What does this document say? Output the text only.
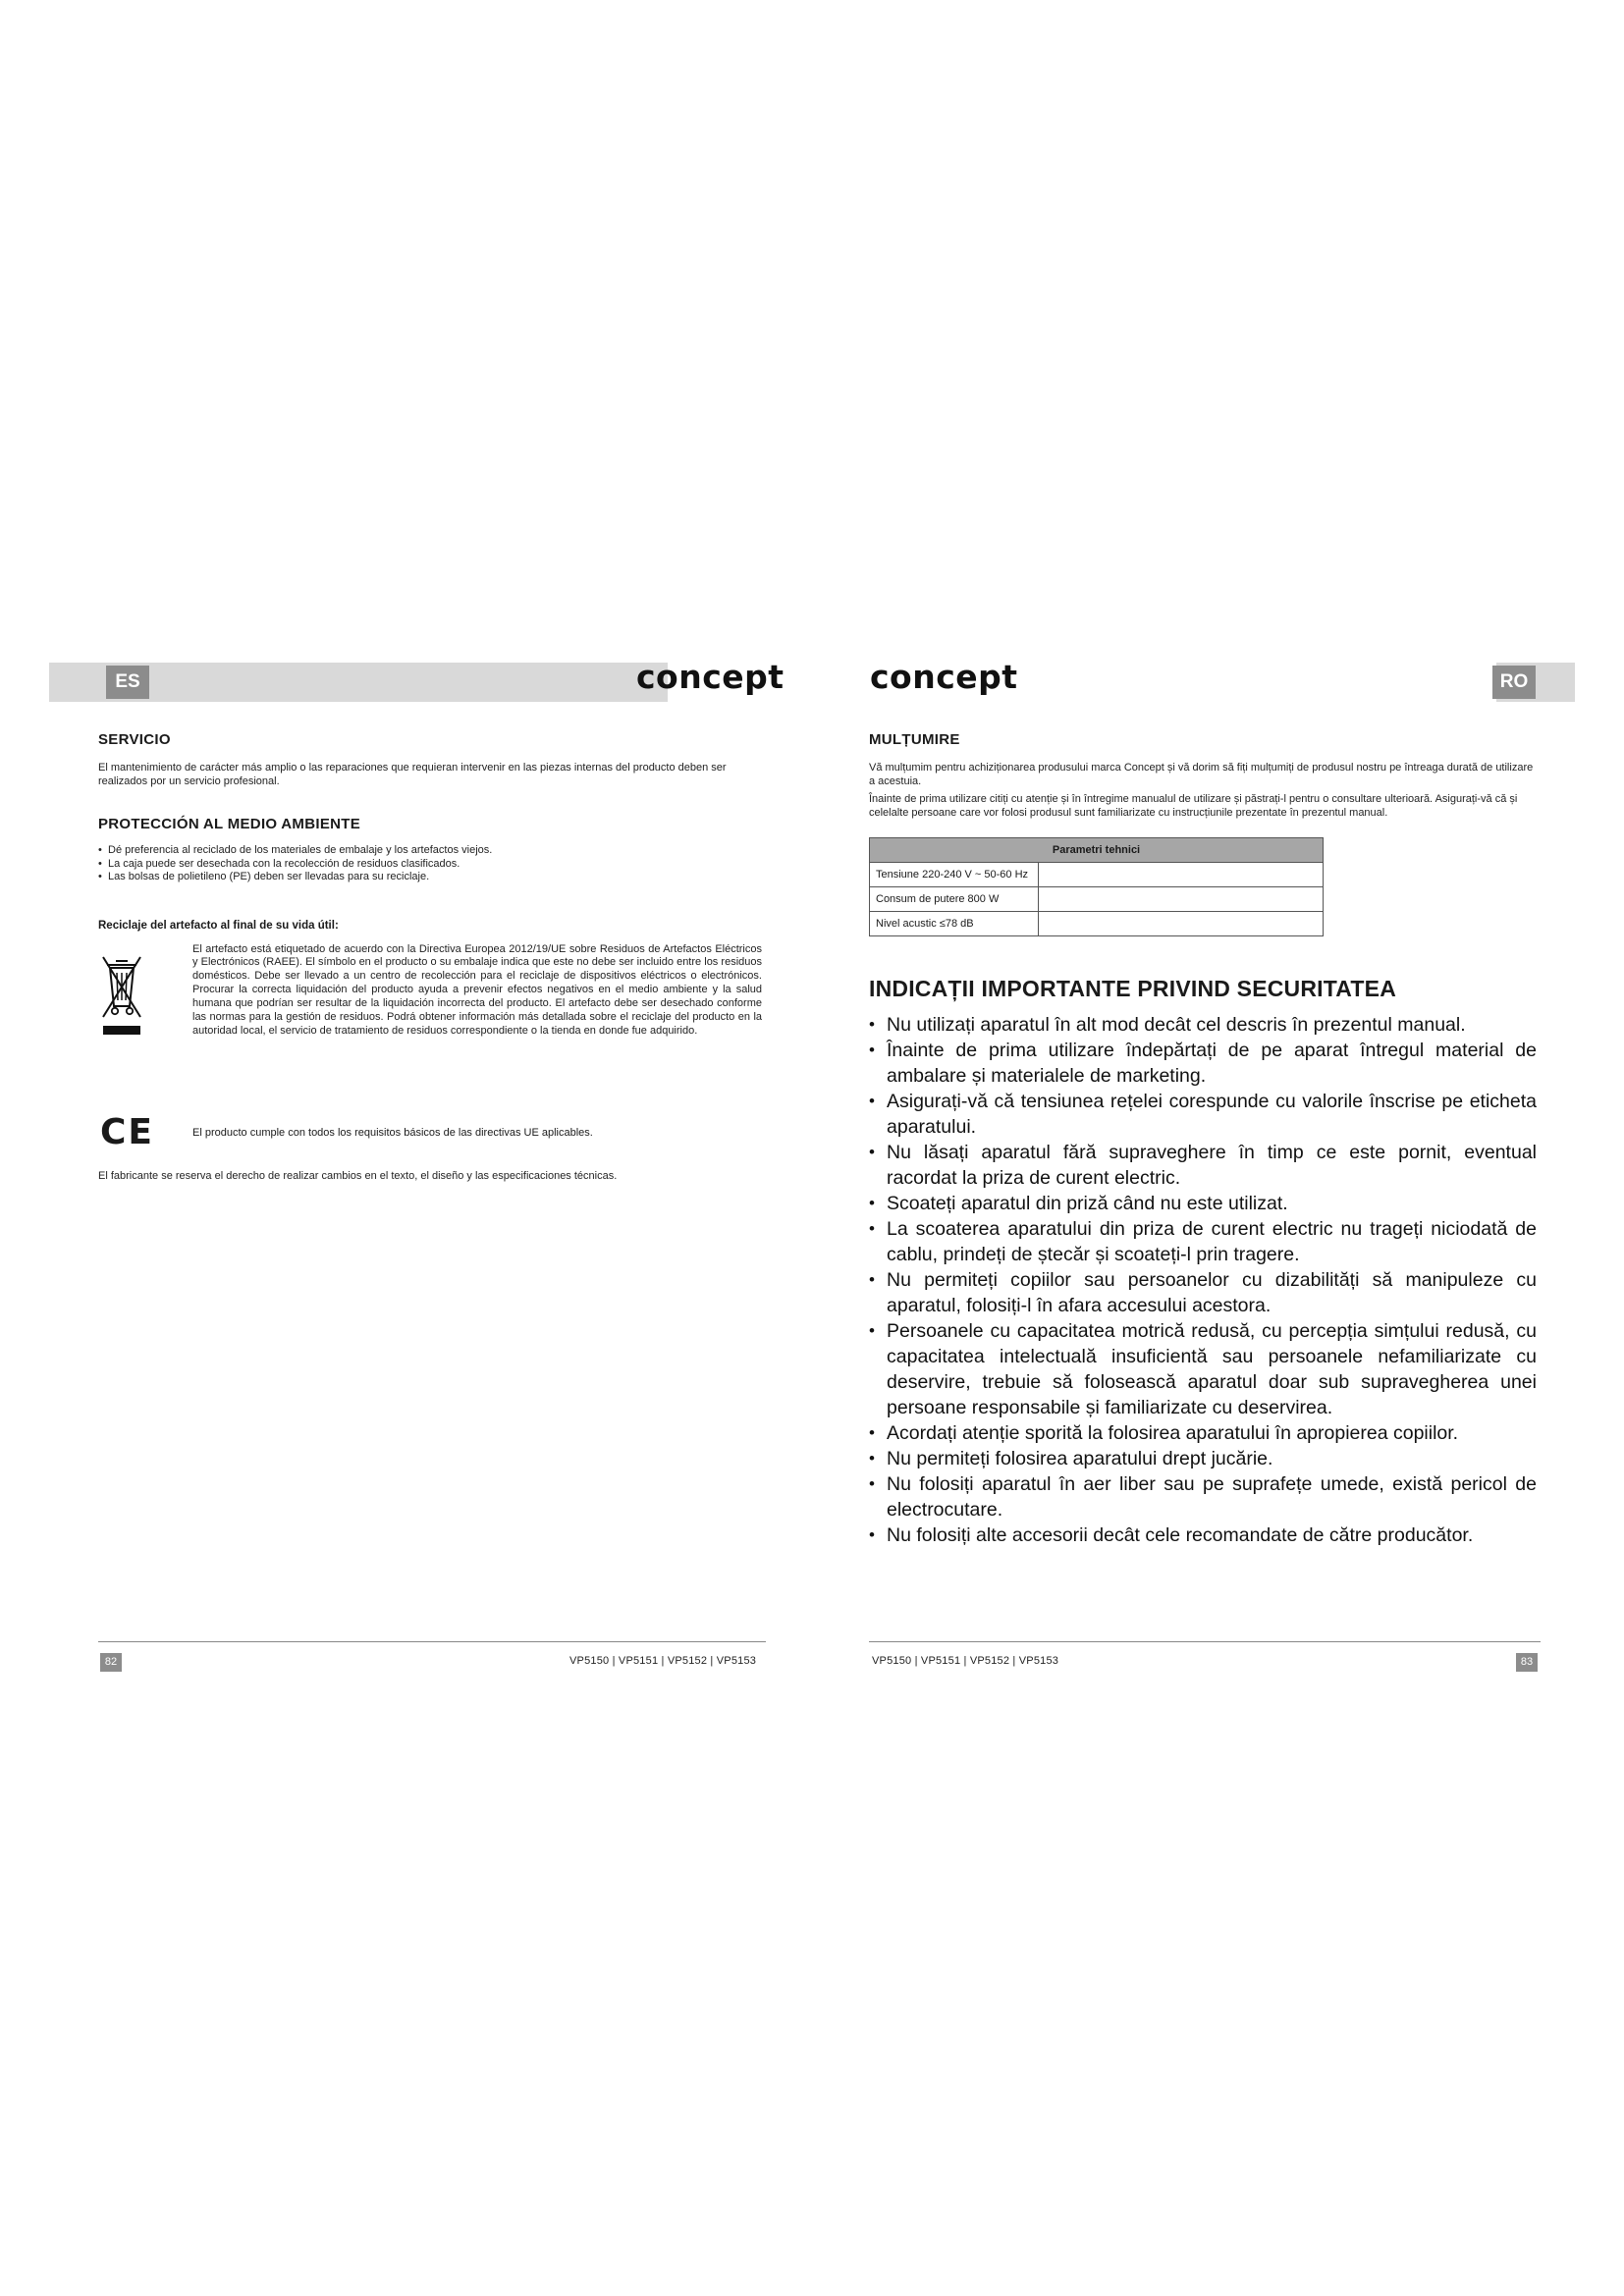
ES	RO
concept	concept
SERVICIO

El mantenimiento de carácter más amplio o las reparaciones que requieran intervenir en las piezas internas del producto deben ser realizados por un servicio profesional.

PROTECCIÓN AL MEDIO AMBIENTE
• Dé preferencia al reciclado de los materiales de embalaje y los artefactos viejos.
• La caja puede ser desechada con la recolección de residuos clasificados.
• Las bolsas de polietileno (PE) deben ser llevadas para su reciclaje.
Reciclaje del artefacto al final de su vida útil:
El artefacto está etiquetado de acuerdo con la Directiva Europea 2012/19/UE sobre Residuos de Artefactos Eléctricos y Electrónicos (RAEE). El símbolo en el producto o su embalaje indica que este no debe ser incluido entre los residuos domésticos. Debe ser llevado a un centro de recolección para el reciclaje de dispositivos eléctricos o electrónicos. Procurar la correcta liquidación del producto ayuda a prevenir efectos negativos en el medio ambiente y la salud humana que podrían ser resultar de la liquidación incorrecta del producto. El artefacto debe ser desechado conforme las normas para la gestión de residuos. Podrá obtener información más detallada sobre el reciclaje del producto en la autoridad local, el servicio de tratamiento de residuos correspondiente o la tienda en donde fue adquirido.
CE	El producto cumple con todos los requisitos básicos de las directivas UE aplicables.

El fabricante se reserva el derecho de realizar cambios en el texto, el diseño y las especificaciones técnicas.

MULȚUMIRE

Vă mulțumim pentru achiziționarea produsului marca Concept și vă dorim să fiți mulțumiți de produsul nostru pe întreaga durată de utilizare a acestuia.

Înainte de prima utilizare citiți cu atenție și în întregime manualul de utilizare și păstrați-l pentru o consultare ulterioară. Asigurați-vă că și celelalte persoane care vor folosi produsul sunt familiarizate cu instrucțiunile prezentate în prezentul manual.

Parametri tehnici	
Tensiune 220-240 V ~ 50-60 Hz	
Consum de putere 800 W	
Nivel acustic ≤78 dB	
INDICAȚII IMPORTANTE PRIVIND SECURITATEA
• Nu utilizați aparatul în alt mod decât cel descris în prezentul manual.
• Înainte de prima utilizare îndepărtați de pe aparat întregul material de ambalare și materialele de marketing.
• Asigurați-vă că tensiunea rețelei corespunde cu valorile înscrise pe eticheta aparatului.
• Nu lăsați aparatul fără supraveghere în timp ce este pornit, eventual racordat la priza de curent electric.
• Scoateți aparatul din priză când nu este utilizat.
• La scoaterea aparatului din priza de curent electric nu trageți niciodată de cablu, prindeți de ștecăr și scoateți-l prin tragere.
• Nu permiteți copiilor sau persoanelor cu dizabilități să manipuleze cu aparatul, folosiți-l în afara accesului acestora.
• Persoanele cu capacitatea motrică redusă, cu percepția simțului redusă, cu capacitatea intelectuală insuficientă sau persoanele nefamiliarizate cu deservire, trebuie să folosească aparatul doar sub supravegherea unei persoane responsabile și familiarizate cu deservirea.
• Acordați atenție sporită la folosirea aparatului în apropierea copiilor.
• Nu permiteți folosirea aparatului drept jucărie.
• Nu folosiți aparatul în aer liber sau pe suprafețe umede, există pericol de electrocutare.
• Nu folosiți alte accesorii decât cele recomandate de către producător.
82	VP5150 | VP5151 | VP5152 | VP5153	VP5150 | VP5151 | VP5152 | VP5153	83
